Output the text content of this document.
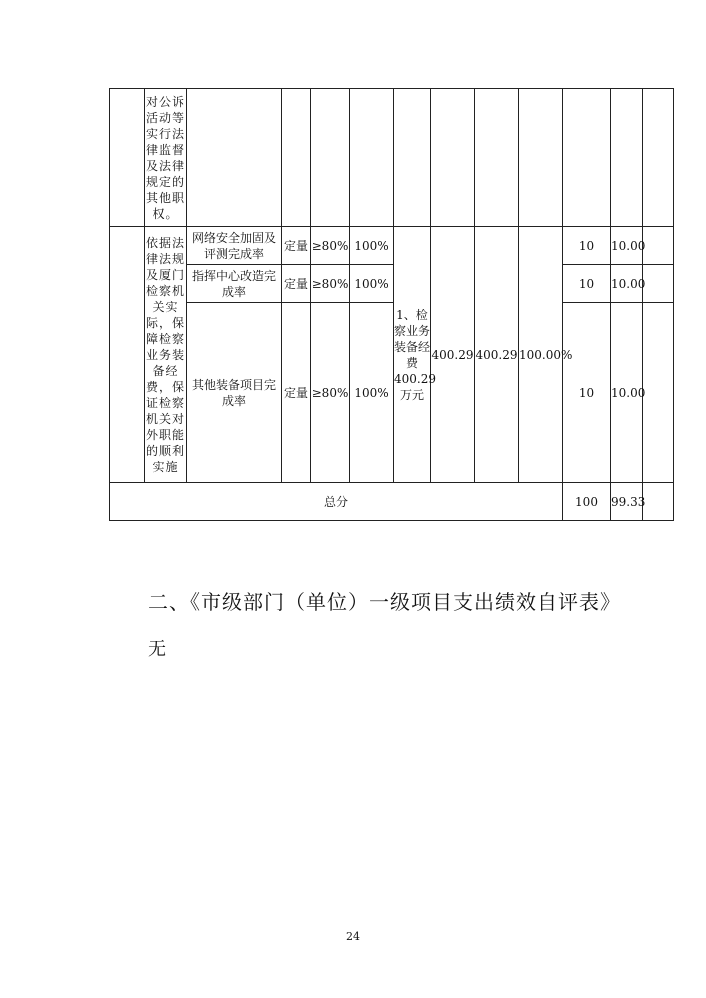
	对公诉活动等实行法律监督及法律规定的其他职权。											
	依据法律法规及厦门检察机关实际，保障检察业务装备经费，保证检察机关对外职能的顺利实施	网络安全加固及评测完成率	定量	≥80%	100%	1、检察业务装备经费400.29万元	400.29	400.29	100.00%	10	10.00	
		指挥中心改造完成率	定量	≥80%	100%					10	10.00	
		其他装备项目完成率	定量	≥80%	100%					10	10.00	
总分										100	99.33	
二、《市级部门（单位）一级项目支出绩效自评表》
无
24
